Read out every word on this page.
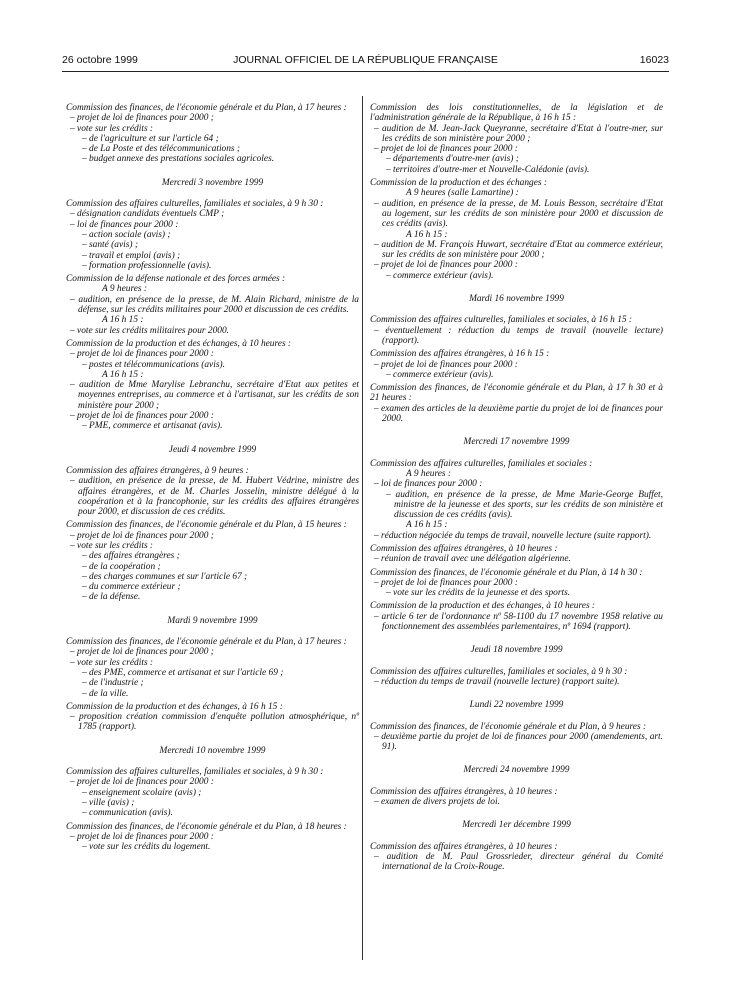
26 octobre 1999	JOURNAL OFFICIEL DE LA RÉPUBLIQUE FRANÇAISE	16023

Commission des finances, de l'économie générale et du Plan, à 17 heures :

– projet de loi de finances pour 2000 ;

– vote sur les crédits :

– de l'agriculture et sur l'article 64 ;

– de La Poste et des télécommunications ;

– budget annexe des prestations sociales agricoles.

Mercredi 3 novembre 1999

Commission des affaires culturelles, familiales et sociales, à 9 h 30 :

– désignation candidats éventuels CMP ;

– loi de finances pour 2000 :

– action sociale (avis) ;

– santé (avis) ;

– travail et emploi (avis) ;

– formation professionnelle (avis).

Commission de la défense nationale et des forces armées :

A 9 heures :

– audition, en présence de la presse, de M. Alain Richard, ministre de la défense, sur les crédits militaires pour 2000 et discussion de ces crédits.

A 16 h 15 :

– vote sur les crédits militaires pour 2000.

Commission de la production et des échanges, à 10 heures :

– projet de loi de finances pour 2000 :

– postes et télécommunications (avis).

A 16 h 15 :

– audition de Mme Marylise Lebranchu, secrétaire d'Etat aux petites et moyennes entreprises, au commerce et à l'artisanat, sur les crédits de son ministère pour 2000 ;

– projet de loi de finances pour 2000 :

– PME, commerce et artisanat (avis).

Jeudi 4 novembre 1999

Commission des affaires étrangères, à 9 heures :

– audition, en présence de la presse, de M. Hubert Védrine, ministre des affaires étrangères, et de M. Charles Josselin, ministre délégué à la coopération et à la francophonie, sur les crédits des affaires étrangères pour 2000, et discussion de ces crédits.

Commission des finances, de l'économie générale et du Plan, à 15 heures :

– projet de loi de finances pour 2000 ;

– vote sur les crédits :

– des affaires étrangères ;

– de la coopération ;

– des charges communes et sur l'article 67 ;

– du commerce extérieur ;

– de la défense.

Mardi 9 novembre 1999

Commission des finances, de l'économie générale et du Plan, à 17 heures :

– projet de loi de finances pour 2000 ;

– vote sur les crédits :

– des PME, commerce et artisanat et sur l'article 69 ;

– de l'industrie ;

– de la ville.

Commission de la production et des échanges, à 16 h 15 :

– proposition création commission d'enquête pollution atmosphérique, nº 1785 (rapport).

Mercredi 10 novembre 1999

Commission des affaires culturelles, familiales et sociales, à 9 h 30 :

– projet de loi de finances pour 2000 :

– enseignement scolaire (avis) ;

– ville (avis) ;

– communication (avis).

Commission des finances, de l'économie générale et du Plan, à 18 heures :

– projet de loi de finances pour 2000 :

– vote sur les crédits du logement.

Commission des lois constitutionnelles, de la législation et de l'administration générale de la République, à 16 h 15 :

– audition de M. Jean-Jack Queyranne, secrétaire d'Etat à l'outre-mer, sur les crédits de son ministère pour 2000 ;

– projet de loi de finances pour 2000 :

– départements d'outre-mer (avis) ;

– territoires d'outre-mer et Nouvelle-Calédonie (avis).

Commission de la production et des échanges :

A 9 heures (salle Lamartine) :

– audition, en présence de la presse, de M. Louis Besson, secrétaire d'Etat au logement, sur les crédits de son ministère pour 2000 et discussion de ces crédits (avis).

A 16 h 15 :

– audition de M. François Huwart, secrétaire d'Etat au commerce extérieur, sur les crédits de son ministère pour 2000 ;

– projet de loi de finances pour 2000 :

– commerce extérieur (avis).

Mardi 16 novembre 1999

Commission des affaires culturelles, familiales et sociales, à 16 h 15 :

– éventuellement : réduction du temps de travail (nouvelle lecture) (rapport).

Commission des affaires étrangères, à 16 h 15 :

– projet de loi de finances pour 2000 :

– commerce extérieur (avis).

Commission des finances, de l'économie générale et du Plan, à 17 h 30 et à 21 heures :

– examen des articles de la deuxième partie du projet de loi de finances pour 2000.

Mercredi 17 novembre 1999

Commission des affaires culturelles, familiales et sociales :

A 9 heures :

– loi de finances pour 2000 :

– audition, en présence de la presse, de Mme Marie-George Buffet, ministre de la jeunesse et des sports, sur les crédits de son ministère et discussion de ces crédits (avis).

A 16 h 15 :

– réduction négociée du temps de travail, nouvelle lecture (suite rapport).

Commission des affaires étrangères, à 10 heures :

– réunion de travail avec une délégation algérienne.

Commission des finances, de l'économie générale et du Plan, à 14 h 30 :

– projet de loi de finances pour 2000 :

– vote sur les crédits de la jeunesse et des sports.

Commission de la production et des échanges, à 10 heures :

– article 6 ter de l'ordonnance nº 58-1100 du 17 novembre 1958 relative au fonctionnement des assemblées parlementaires, nº 1694 (rapport).

Jeudi 18 novembre 1999

Commission des affaires culturelles, familiales et sociales, à 9 h 30 :

– réduction du temps de travail (nouvelle lecture) (rapport suite).

Lundi 22 novembre 1999

Commission des finances, de l'économie générale et du Plan, à 9 heures :

– deuxième partie du projet de loi de finances pour 2000 (amendements, art. 91).

Mercredi 24 novembre 1999

Commission des affaires étrangères, à 10 heures :

– examen de divers projets de loi.

Mercredi 1er décembre 1999

Commission des affaires étrangères, à 10 heures :

– audition de M. Paul Grossrieder, directeur général du Comité international de la Croix-Rouge.
